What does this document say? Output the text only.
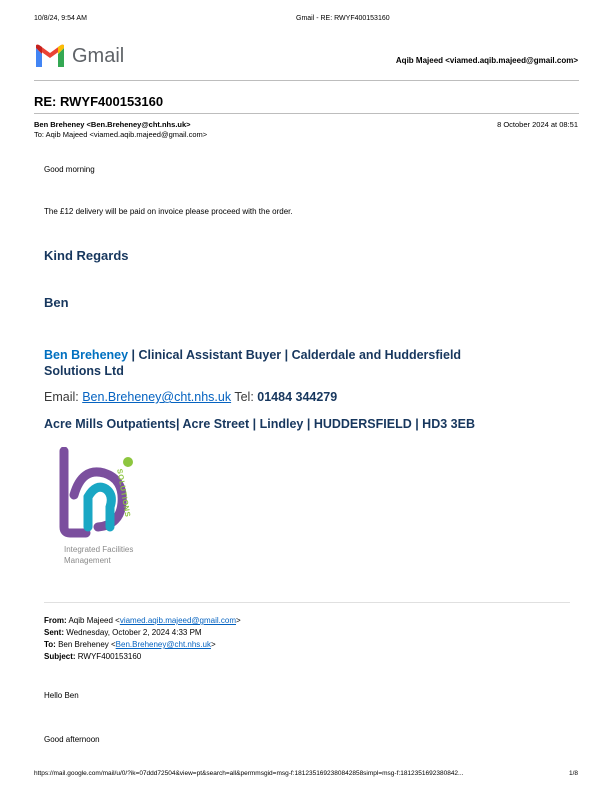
10/8/24, 9:54 AM	Gmail - RE: RWYF400153160
Gmail	Aqib Majeed <viamed.aqib.majeed@gmail.com>
RE: RWYF400153160
Ben Breheney <Ben.Breheney@cht.nhs.uk>	8 October 2024 at 08:51
To: Aqib Majeed <viamed.aqib.majeed@gmail.com>
Good morning
The £12 delivery will be paid on invoice please proceed with the order.
Kind Regards
Ben
Ben Breheney | Clinical Assistant Buyer | Calderdale and Huddersfield
Solutions Ltd
Email: Ben.Breheney@cht.nhs.uk Tel: 01484 344279
Acre Mills Outpatients| Acre Street | Lindley | HUDDERSFIELD | HD3 3EB
SOLUTIONS
Integrated Facilities
Management
From: Aqib Majeed <viamed.aqib.majeed@gmail.com>
Sent: Wednesday, October 2, 2024 4:33 PM
To: Ben Breheney <Ben.Breheney@cht.nhs.uk>
Subject: RWYF400153160
Hello Ben
Good afternoon
https://mail.google.com/mail/u/0/?ik=07ddd72504&view=pt&search=all&permmsgid=msg-f:1812351692380842858simpl=msg-f:1812351692380842...	1/8
